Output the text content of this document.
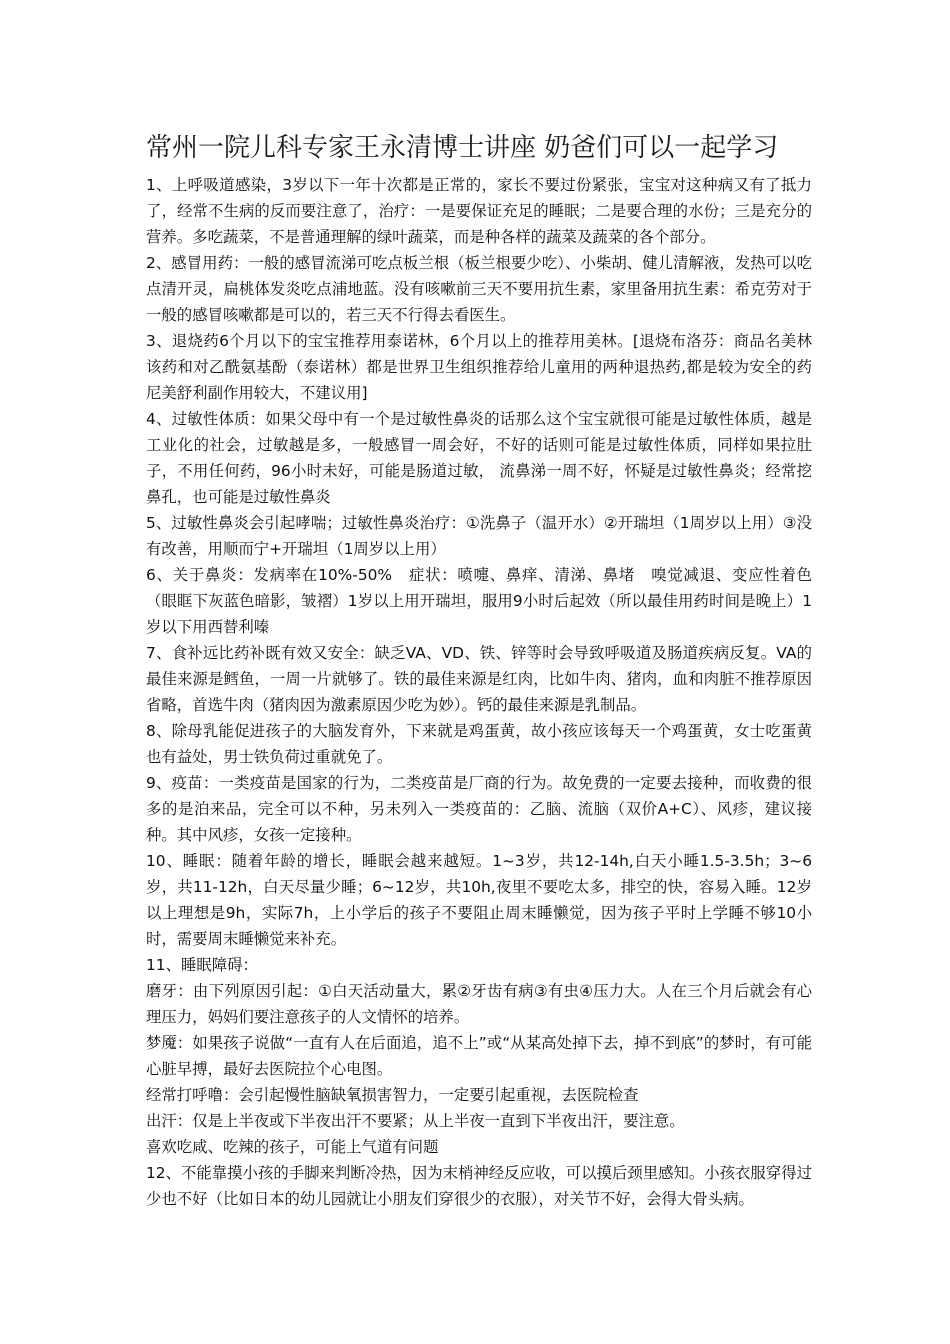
常州一院儿科专家王永清博士讲座 奶爸们可以一起学习

1、上呼吸道感染，3岁以下一年十次都是正常的，家长不要过份紧张，宝宝对这种病又有了抵力了，经常不生病的反而要注意了，治疗：一是要保证充足的睡眠；二是要合理的水份；三是充分的营养。多吃蔬菜，不是普通理解的绿叶蔬菜，而是种各样的蔬菜及蔬菜的各个部分。

2、感冒用药：一般的感冒流涕可吃点板兰根（板兰根要少吃）、小柴胡、健儿清解液，发热可以吃点清开灵，扁桃体发炎吃点浦地蓝。没有咳嗽前三天不要用抗生素，家里备用抗生素：希克劳对于一般的感冒咳嗽都是可以的，若三天不行得去看医生。

3、退烧药6个月以下的宝宝推荐用泰诺林，6个月以上的推荐用美林。[退烧布洛芬：商品名美林 该药和对乙酰氨基酚（泰诺林）都是世界卫生组织推荐给儿童用的两种退热药,都是较为安全的药　尼美舒利副作用较大，不建议用]

4、过敏性体质：如果父母中有一个是过敏性鼻炎的话那么这个宝宝就很可能是过敏性体质，越是工业化的社会，过敏越是多，一般感冒一周会好，不好的话则可能是过敏性体质，同样如果拉肚子，不用任何药，96小时未好，可能是肠道过敏， 流鼻涕一周不好，怀疑是过敏性鼻炎；经常挖鼻孔，也可能是过敏性鼻炎

5、过敏性鼻炎会引起哮喘；过敏性鼻炎治疗：①洗鼻子（温开水）②开瑞坦（1周岁以上用）③没有改善，用顺而宁+开瑞坦（1周岁以上用）

6、关于鼻炎：发病率在10%-50%　症状：喷嚏、鼻痒、清涕、鼻堵　嗅觉减退、变应性着色（眼眶下灰蓝色暗影，皱褶）1岁以上用开瑞坦，服用9小时后起效（所以最佳用药时间是晚上）1岁以下用西替利嗪

7、食补远比药补既有效又安全：缺乏VA、VD、铁、锌等时会导致呼吸道及肠道疾病反复。VA的最佳来源是鳕鱼，一周一片就够了。铁的最佳来源是红肉，比如牛肉、猪肉，血和肉脏不推荐原因省略，首选牛肉（猪肉因为激素原因少吃为妙）。钙的最佳来源是乳制品。

8、除母乳能促进孩子的大脑发育外，下来就是鸡蛋黄，故小孩应该每天一个鸡蛋黄，女士吃蛋黄也有益处，男士铁负荷过重就免了。

9、疫苗：一类疫苗是国家的行为，二类疫苗是厂商的行为。故免费的一定要去接种，而收费的很多的是泊来品，完全可以不种，另未列入一类疫苗的：乙脑、流脑（双价A+C）、风疹，建议接种。其中风疹，女孩一定接种。

10、睡眠：随着年龄的增长，睡眠会越来越短。1~3岁，共12-14h,白天小睡1.5-3.5h；3~6岁，共11-12h，白天尽量少睡；6~12岁，共10h,夜里不要吃太多，排空的快，容易入睡。12岁以上理想是9h，实际7h，上小学后的孩子不要阻止周末睡懒觉，因为孩子平时上学睡不够10小时，需要周末睡懒觉来补充。

11、睡眠障碍：

磨牙：由下列原因引起：①白天活动量大，累②牙齿有病③有虫④压力大。人在三个月后就会有心理压力，妈妈们要注意孩子的人文情怀的培养。

梦魇：如果孩子说做“一直有人在后面追，追不上”或“从某高处掉下去，掉不到底”的梦时，有可能心脏早搏，最好去医院拉个心电图。

经常打呼噜：会引起慢性脑缺氧损害智力，一定要引起重视，去医院检查

出汗：仅是上半夜或下半夜出汗不要紧；从上半夜一直到下半夜出汗，要注意。

喜欢吃咸、吃辣的孩子，可能上气道有问题

12、不能靠摸小孩的手脚来判断冷热，因为末梢神经反应收，可以摸后颈里感知。小孩衣服穿得过少也不好（比如日本的幼儿园就让小朋友们穿很少的衣服），对关节不好，会得大骨头病。
